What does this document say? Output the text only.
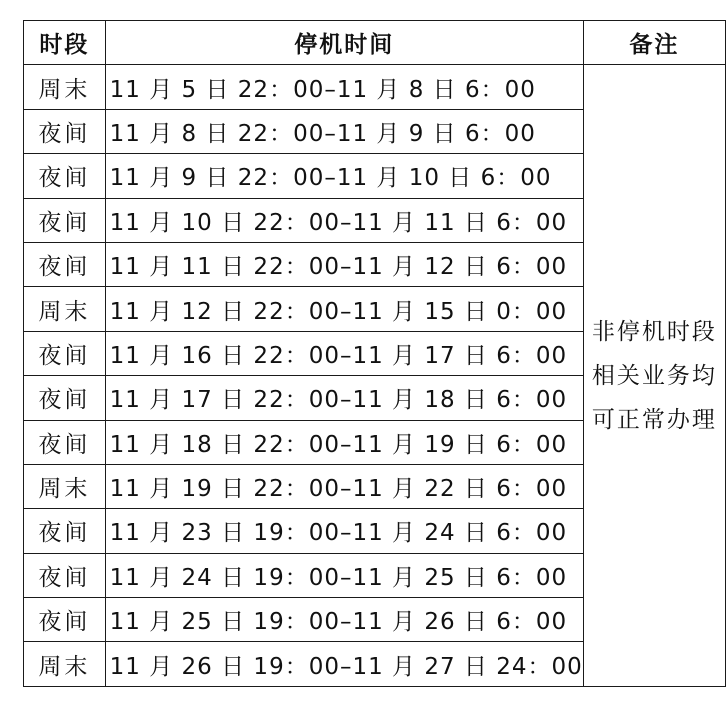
时段	停机时间	备注
周末	11 月 5 日 22：00–11 月 8 日 6：00	非停机时段
相关业务均
可正常办理

夜间	11 月 8 日 22：00–11 月 9 日 6：00	
夜间	11 月 9 日 22：00–11 月 10 日 6：00	
夜间	11 月 10 日 22：00–11 月 11 日 6：00	
夜间	11 月 11 日 22：00–11 月 12 日 6：00	
周末	11 月 12 日 22：00–11 月 15 日 0：00	
夜间	11 月 16 日 22：00–11 月 17 日 6：00	
夜间	11 月 17 日 22：00–11 月 18 日 6：00	
夜间	11 月 18 日 22：00–11 月 19 日 6：00	
周末	11 月 19 日 22：00–11 月 22 日 6：00	
夜间	11 月 23 日 19：00–11 月 24 日 6：00	
夜间	11 月 24 日 19：00–11 月 25 日 6：00	
夜间	11 月 25 日 19：00–11 月 26 日 6：00	
周末	11 月 26 日 19：00–11 月 27 日 24：00	
